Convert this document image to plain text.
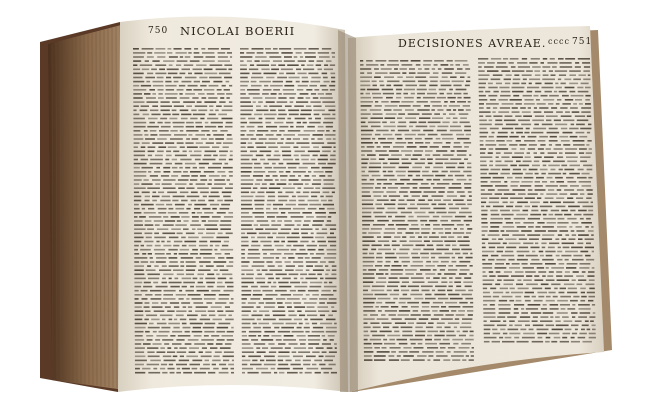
750 NICOLAI BOERII
DECISIONES AVREAE. cccc 751
